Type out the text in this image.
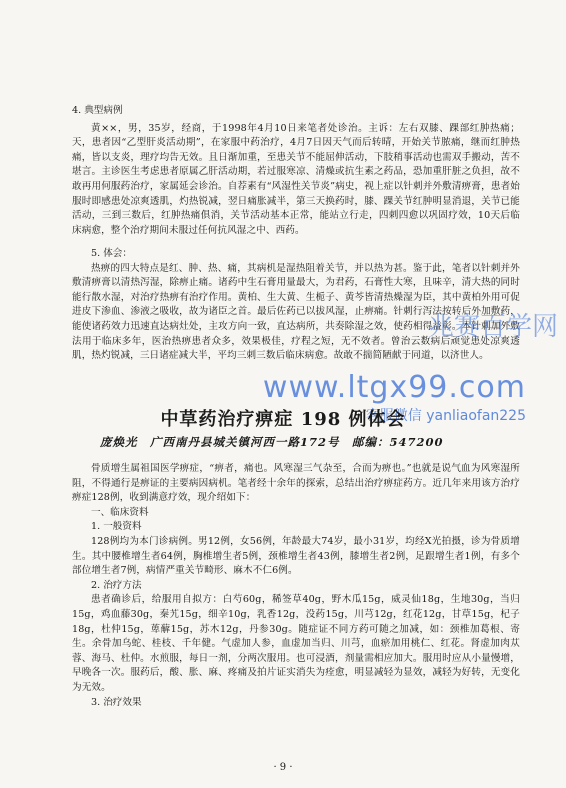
4. 典型病例

黄××，男，35岁，经商，于1998年4月10日来笔者处诊治。主诉：左右双膝、踝部红肿热痛；天，患者因“乙型肝炎活动期”，在家服中药治疗，4月7日因天气而后转晴，开始关节脓痛，继而红肿热痛，皆以支炎，理疗均告无效。且日渐加重，至患关节不能屈伸活动，下肢稍事活动也需双手搬动，苦不堪言。主诊医生考虑患者原属乙肝活动期，若过服寒凉、清燥或抗生素之药品，恐加重肝脏之负担，故不敢再用何服药治疗，家属延会诊治。自荐素有“风湿性关节炎”病史，视上症以针刺并外敷清痹膏，患者始服时即感患处凉爽透肌，灼热锐减，翌日痛胀减半，第三天换药时，膝、踝关节红肿明显消退，关节已能活动，三到三数后，红肿热痛俱消，关节活动基本正常，能站立行走，四刺四愈以巩固疗效，10天后临床病愈，整个治疗期间未服过任何抗风湿之中、西药。

5. 体会：

热痹的四大特点是红、肿、热、痛，其病机是湿热阻着关节，并以热为甚。鉴于此，笔者以针刺并外敷清痹膏以清热泻湿，除痹止痛。诸药中生石膏用量最大，为君药，石膏性大寒，且味辛，清大热的同时能行散水湿，对治疗热痹有治疗作用。黄柏、生大黄、生栀子、黄芩皆清热燥湿为臣，其中黄柏外用可促进皮下渗血、渗液之吸收，故为诸臣之首。最后佐药已以拔风湿，止痹痛。针刺行泻法按转后外加敷药，能使诸药效力迅速直达病灶处，主攻方向一致，直达病所，共奏除湿之效，使药相得益彰。本针刺加外敷法用于临床多年，医治热痹患者众多，效果极佳，疗程之短，无不效者。曾治云数病后顽觉患处凉爽透肌，热灼锐减，三日诸症减大半，平均三刺三数后临床病愈。故敢不揣简陋献于同道，以济世人。

兆赛百学网
www.ltgx99.com
客服微信 yanliaofan225
中草药治疗痹症 198 例体会
庞焕光　广西南丹县城关镇河西一路172号　邮编：547200

骨质增生属祖国医学痹症，“痹者，痛也。风寒湿三气杂至，合而为痹也。”也就是说气血为风寒湿所阻，不得通行是痹证的主要病因病机。笔者经十余年的探索，总结出治疗痹症药方。近几年来用该方治疗痹症128例，收到满意疗效，现介绍如下：

一、临床资料

1. 一般资料

128例均为本门诊病例。男12例，女56例，年龄最大74岁，最小31岁，均经X光拍摄，诊为骨质增生。其中腰椎增生者64例，胸椎增生者5例，颈椎增生者43例，膝增生者2例，足跟增生者1例，有多个部位增生者7例，病情严重关节畸形、麻木不仁6例。

2. 治疗方法

患者确诊后，给服用自拟方：白芍60g，稀签草40g，野木瓜15g，威灵仙18g，生地30g，当归15g，鸡血藤30g，秦艽15g，细辛10g，乳香12g，没药15g，川芎12g，红花12g，甘草15g，杞子18g，杜仲15g，萆薢15g，苏木12g，丹参30g。随症证不同方药可随之加减，如：颈椎加葛根、寄生。余骨加乌蛇、桂枝、千年健。气虚加人参，血虚加当归、川芎，血瘀加用桃仁、红花。肾虚加肉苁蓉、海马、杜仲。水煎服，每日一剂，分两次服用。也可浸酒，剂量需相应加大。服用时应从小量慢增，早晚各一次。服药后，酸、胀、麻、疼痛及拍片证实消失为痊愈，明显减轻为显效，减轻为好转，无变化为无效。

3. 治疗效果

· 9 ·
